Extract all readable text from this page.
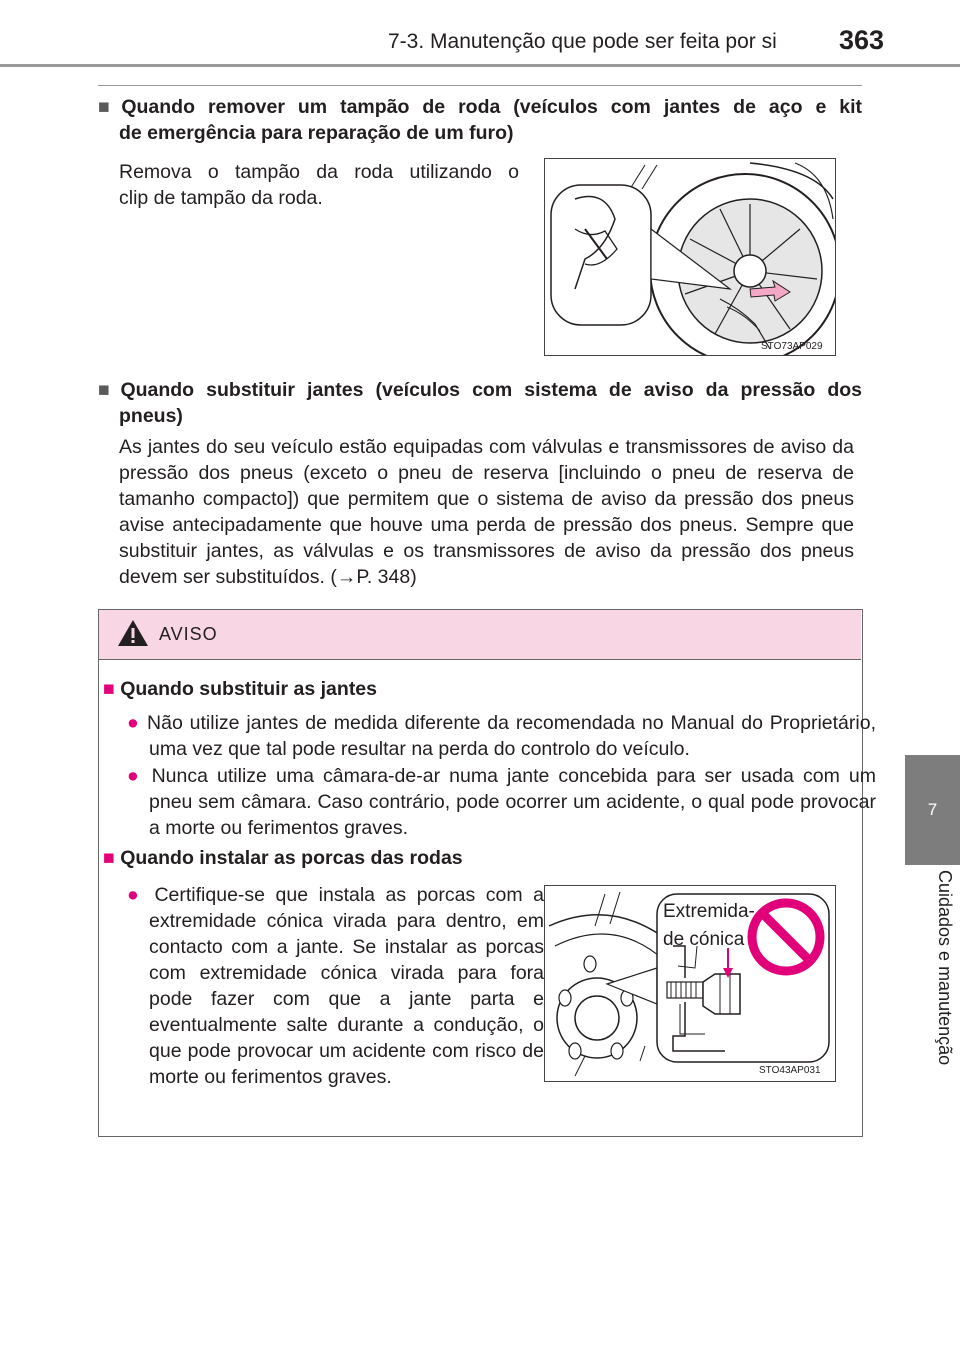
7-3. Manutenção que pode ser feita por si 363
7
Cuidados e manutenção
■ Quando remover um tampão de roda (veículos com jantes de aço e kit
de emergência para reparação de um furo)
Remova o tampão da roda utilizando o
clip de tampão da roda.
STO73AP029
■ Quando substituir jantes (veículos com sistema de aviso da pressão dos
pneus)
As jantes do seu veículo estão equipadas com válvulas e transmissores de aviso da pressão dos pneus (exceto o pneu de reserva [incluindo o pneu de reserva de tamanho compacto]) que permitem que o sistema de aviso da pressão dos pneus avise antecipadamente que houve uma perda de pressão dos pneus. Sempre que substituir jantes, as válvulas e os transmissores de aviso da pressão dos pneus devem ser substituídos. (→P. 348)
AVISO
■ Quando substituir as jantes
● Não utilize jantes de medida diferente da recomendada no Manual do Proprietário, uma vez que tal pode resultar na perda do controlo do veículo.
● Nunca utilize uma câmara-de-ar numa jante concebida para ser usada com um pneu sem câmara. Caso contrário, pode ocorrer um acidente, o qual pode provocar a morte ou ferimentos graves.
■ Quando instalar as porcas das rodas
● Certifique-se que instala as porcas com a extremidade cónica virada para dentro, em contacto com a jante. Se instalar as porcas com extremidade cónica virada para fora pode fazer com que a jante parta e eventualmente salte durante a condução, o que pode provocar um acidente com risco de morte ou ferimentos graves.
Extremida-
de cónica
STO43AP031
